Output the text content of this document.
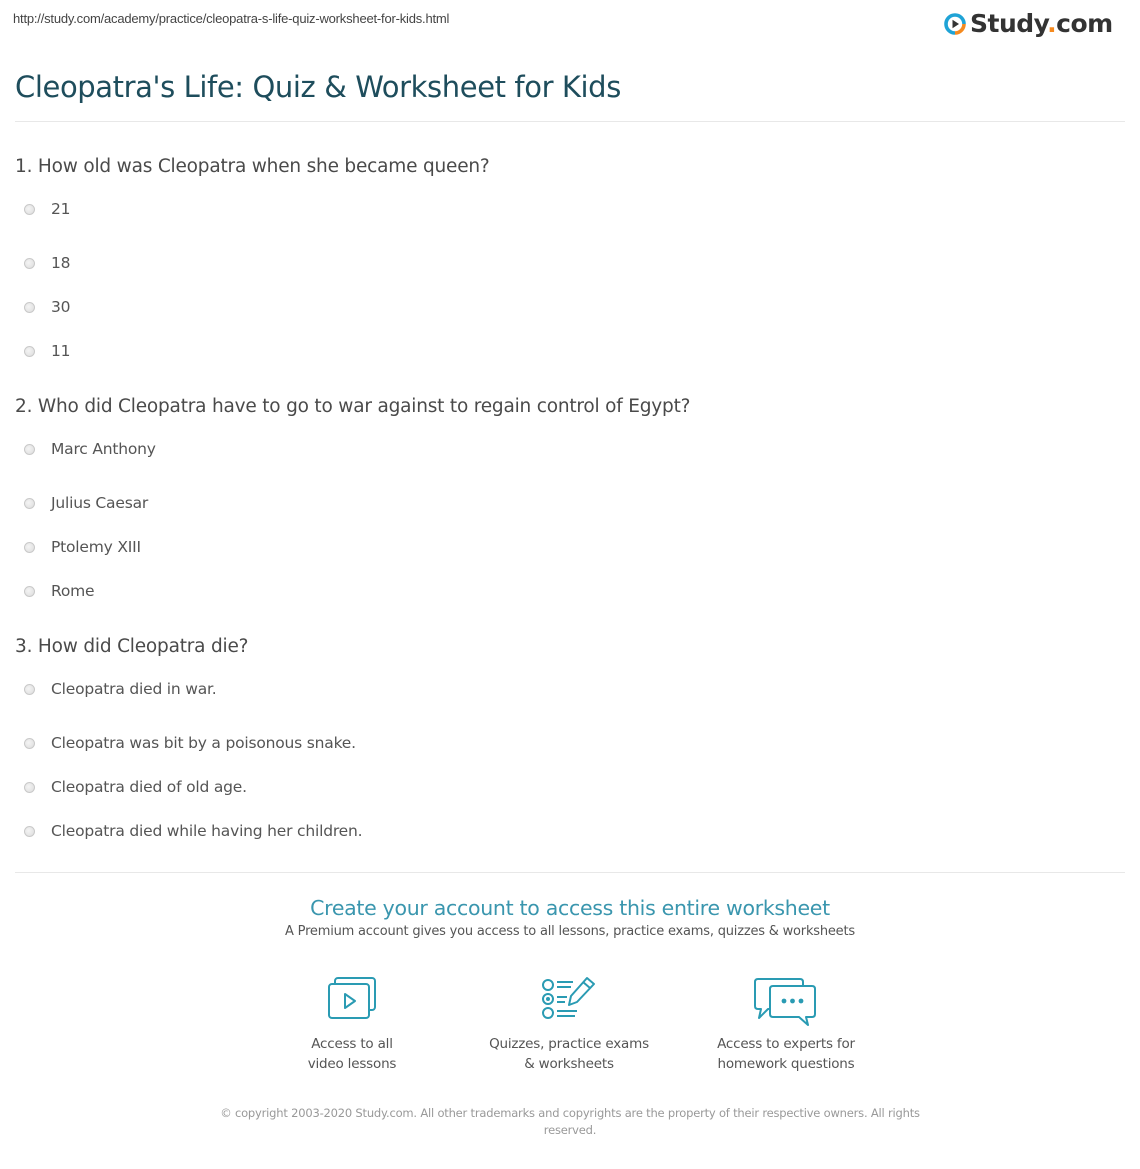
http://study.com/academy/practice/cleopatra-s-life-quiz-worksheet-for-kids.html	Study.com
Cleopatra's Life: Quiz & Worksheet for Kids
1. How old was Cleopatra when she became queen?
21
18
30
11
2. Who did Cleopatra have to go to war against to regain control of Egypt?
Marc Anthony
Julius Caesar
Ptolemy XIII
Rome
3. How did Cleopatra die?
Cleopatra died in war.
Cleopatra was bit by a poisonous snake.
Cleopatra died of old age.
Cleopatra died while having her children.
Create your account to access this entire worksheet
A Premium account gives you access to all lessons, practice exams, quizzes & worksheets
Access to all
video lessons
Quizzes, practice exams
& worksheets
Access to experts for
homework questions
© copyright 2003-2020 Study.com. All other trademarks and copyrights are the property of their respective owners. All rights reserved.
